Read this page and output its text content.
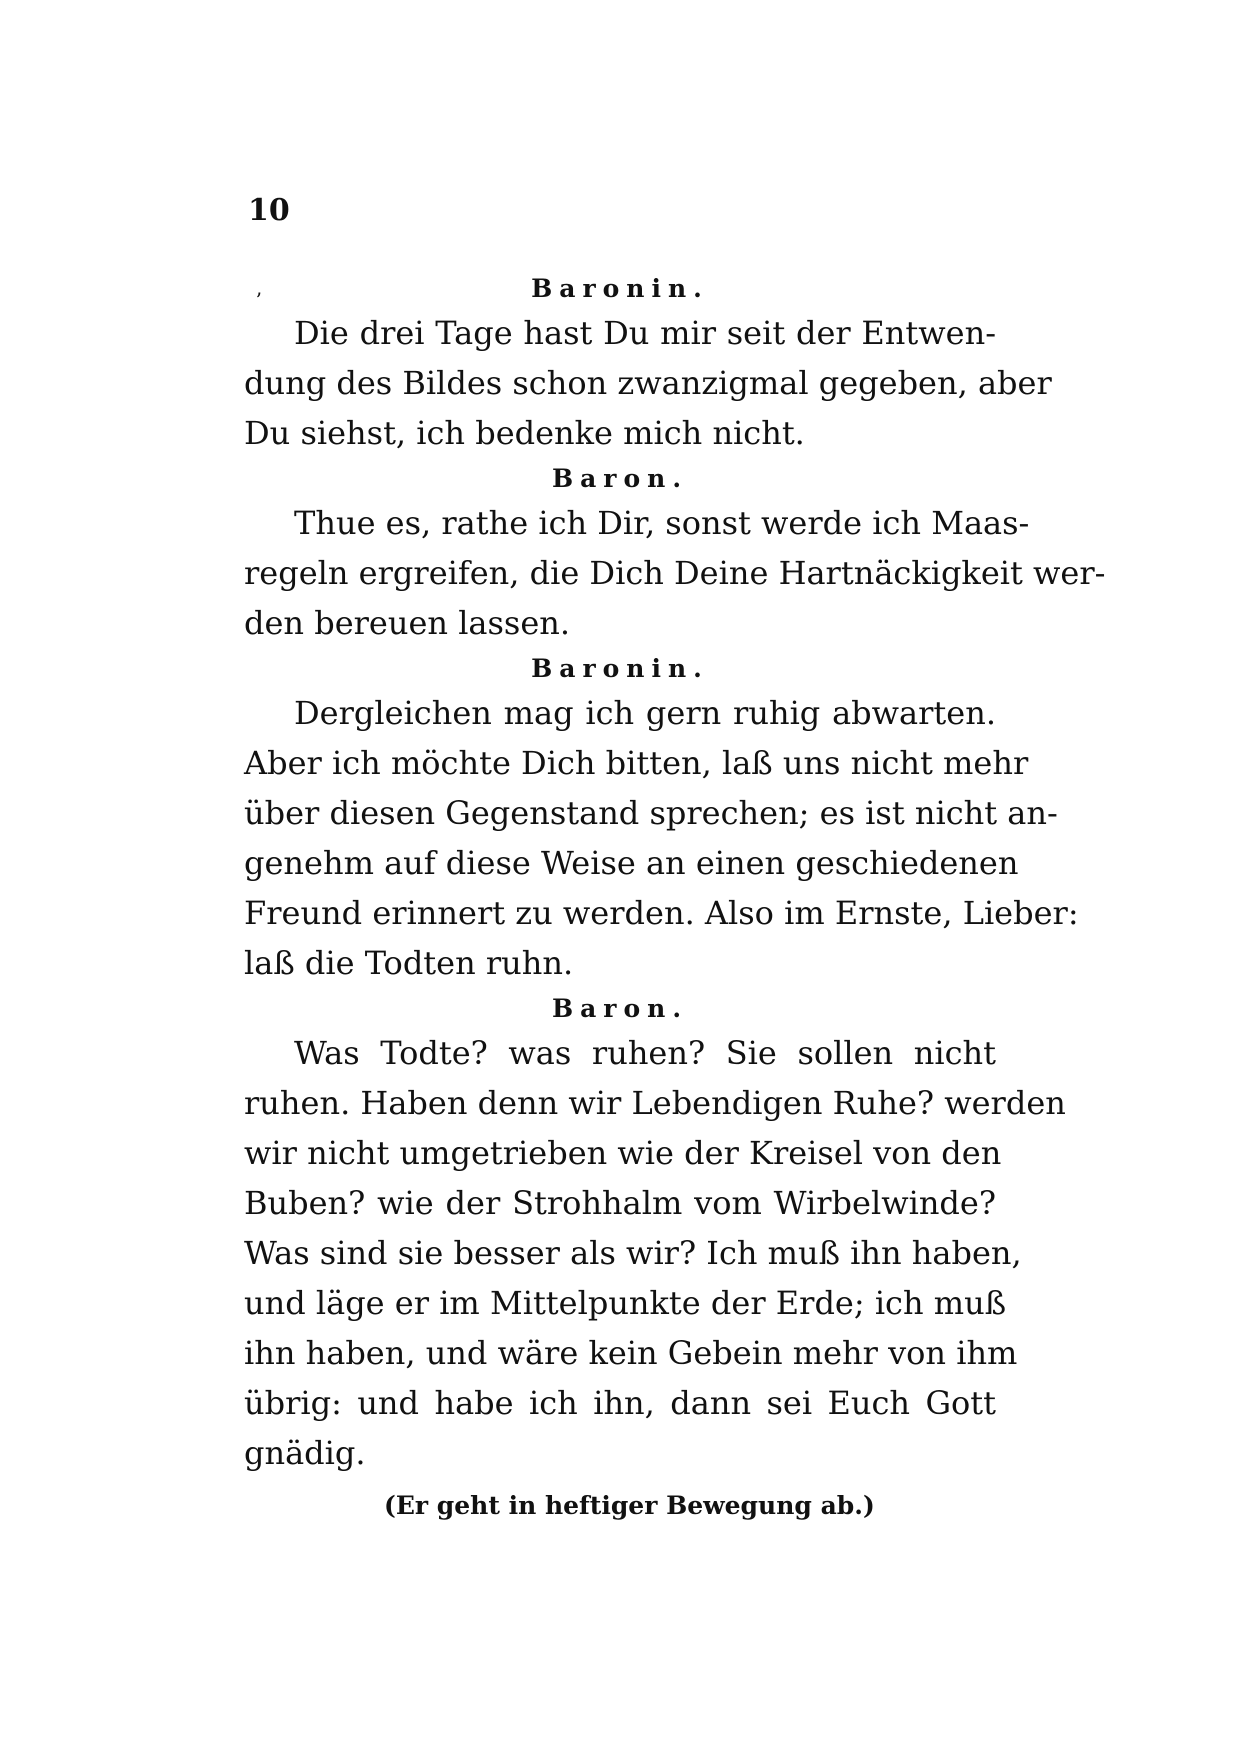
10
ʼ	Baronin.
Die drei Tage hast Du mir seit der Entwen-
dung des Bildes schon zwanzigmal gegeben, aber
Du siehst, ich bedenke mich nicht.
Baron.
Thue es, rathe ich Dir, sonst werde ich Maas-
regeln ergreifen, die Dich Deine Hartnäckigkeit wer-
den bereuen lassen.
Baronin.
Dergleichen mag ich gern ruhig abwarten.
Aber ich möchte Dich bitten, laß uns nicht mehr
über diesen Gegenstand sprechen; es ist nicht an-
genehm auf diese Weise an einen geschiedenen
Freund erinnert zu werden. Also im Ernste, Lieber:
laß die Todten ruhn.
Baron.
Was Todte? was ruhen? Sie sollen nicht
ruhen. Haben denn wir Lebendigen Ruhe? werden
wir nicht umgetrieben wie der Kreisel von den
Buben? wie der Strohhalm vom Wirbelwinde?
Was sind sie besser als wir? Ich muß ihn haben,
und läge er im Mittelpunkte der Erde; ich muß
ihn haben, und wäre kein Gebein mehr von ihm
übrig: und habe ich ihn, dann sei Euch Gott
gnädig.
(Er geht in heftiger Bewegung ab.)
